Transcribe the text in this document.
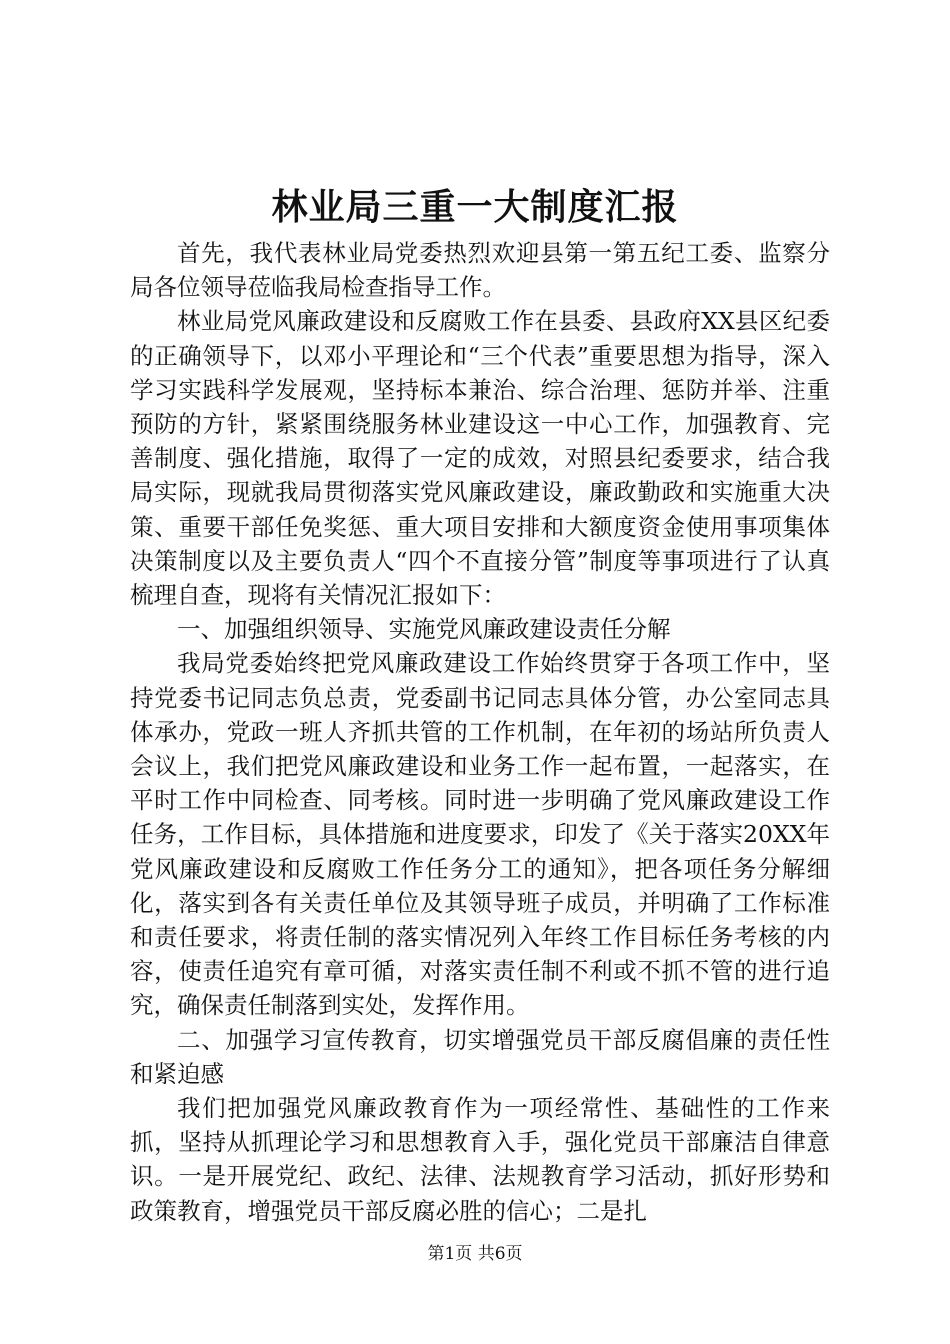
林业局三重一大制度汇报

首先，我代表林业局党委热烈欢迎县第一第五纪工委、监察分局各位领导莅临我局检查指导工作。

林业局党风廉政建设和反腐败工作在县委、县政府XX县区纪委的正确领导下，以邓小平理论和“三个代表”重要思想为指导，深入学习实践科学发展观，坚持标本兼治、综合治理、惩防并举、注重预防的方针，紧紧围绕服务林业建设这一中心工作，加强教育、完善制度、强化措施，取得了一定的成效，对照县纪委要求，结合我局实际，现就我局贯彻落实党风廉政建设，廉政勤政和实施重大决策、重要干部任免奖惩、重大项目安排和大额度资金使用事项集体决策制度以及主要负责人“四个不直接分管”制度等事项进行了认真梳理自查，现将有关情况汇报如下：

一、加强组织领导、实施党风廉政建设责任分解

我局党委始终把党风廉政建设工作始终贯穿于各项工作中，坚持党委书记同志负总责，党委副书记同志具体分管，办公室同志具体承办，党政一班人齐抓共管的工作机制，在年初的场站所负责人会议上，我们把党风廉政建设和业务工作一起布置，一起落实，在平时工作中同检查、同考核。同时进一步明确了党风廉政建设工作任务，工作目标，具体措施和进度要求，印发了《关于落实20XX年党风廉政建设和反腐败工作任务分工的通知》，把各项任务分解细化，落实到各有关责任单位及其领导班子成员，并明确了工作标准和责任要求，将责任制的落实情况列入年终工作目标任务考核的内容，使责任追究有章可循，对落实责任制不利或不抓不管的进行追究，确保责任制落到实处，发挥作用。

二、加强学习宣传教育，切实增强党员干部反腐倡廉的责任性和紧迫感

我们把加强党风廉政教育作为一项经常性、基础性的工作来抓，坚持从抓理论学习和思想教育入手，强化党员干部廉洁自律意识。一是开展党纪、政纪、法律、法规教育学习活动，抓好形势和政策教育，增强党员干部反腐必胜的信心；二是扎

第1页 共6页
